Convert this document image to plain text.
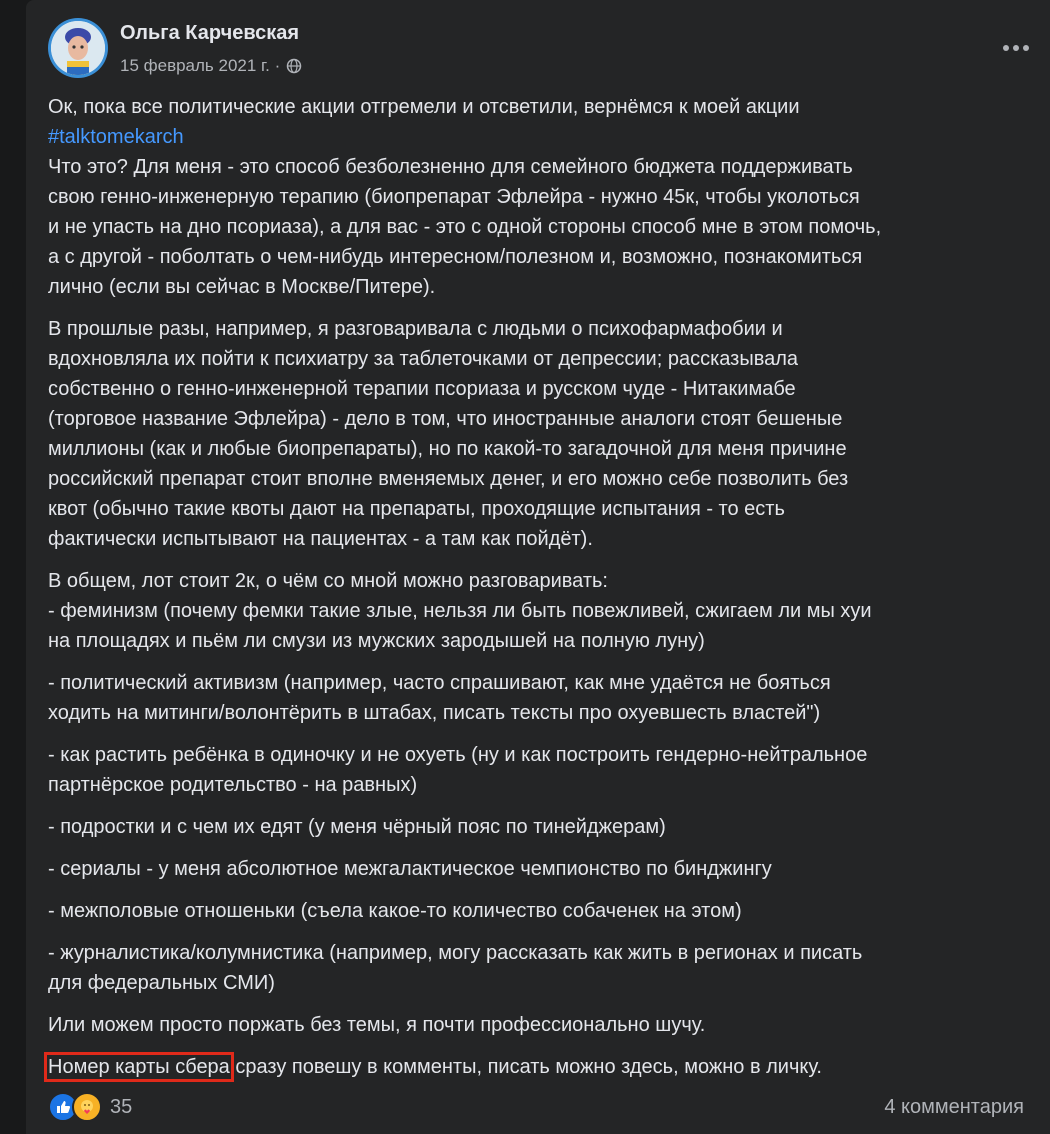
Ольга Карчевская
15 февраль 2021 г. ·

Ок, пока все политические акции отгремели и отсветили, вернёмся к моей акции
#talktomekarch
Что это? Для меня - это способ безболезненно для семейного бюджета поддерживать
свою генно-инженерную терапию (биопрепарат Эфлейра - нужно 45к, чтобы уколоться
и не упасть на дно псориаза), а для вас - это с одной стороны способ мне в этом помочь,
а с другой - поболтать о чем-нибудь интересном/полезном и, возможно, познакомиться
лично (если вы сейчас в Москве/Питере).

В прошлые разы, например, я разговаривала с людьми о психофармафобии и
вдохновляла их пойти к психиатру за таблеточками от депрессии; рассказывала
собственно о генно-инженерной терапии псориаза и русском чуде - Нитакимабе
(торговое название Эфлейра) - дело в том, что иностранные аналоги стоят бешеные
миллионы (как и любые биопрепараты), но по какой-то загадочной для меня причине
российский препарат стоит вполне вменяемых денег, и его можно себе позволить без
квот (обычно такие квоты дают на препараты, проходящие испытания - то есть
фактически испытывают на пациентах - а там как пойдёт).

В общем, лот стоит 2к, о чём со мной можно разговаривать:
- феминизм (почему фемки такие злые, нельзя ли быть повежливей, сжигаем ли мы хуи
на площадях и пьём ли смузи из мужских зародышей на полную луну)

- политический активизм (например, часто спрашивают, как мне удаётся не бояться
ходить на митинги/волонтёрить в штабах, писать тексты про охуевшесть властей")

- как растить ребёнка в одиночку и не охуеть (ну и как построить гендерно-нейтральное
партнёрское родительство - на равных)

- подростки и с чем их едят (у меня чёрный пояс по тинейджерам)

- сериалы - у меня абсолютное межгалактическое чемпионство по бинджингу

- межполовые отношеньки (съела какое-то количество собаченек на этом)

- журналистика/колумнистика (например, могу рассказать как жить в регионах и писать
для федеральных СМИ)

Или можем просто поржать без темы, я почти профессионально шучу.

Номер карты сбера сразу повешу в комменты, писать можно здесь, можно в личку.

35	4 комментария
